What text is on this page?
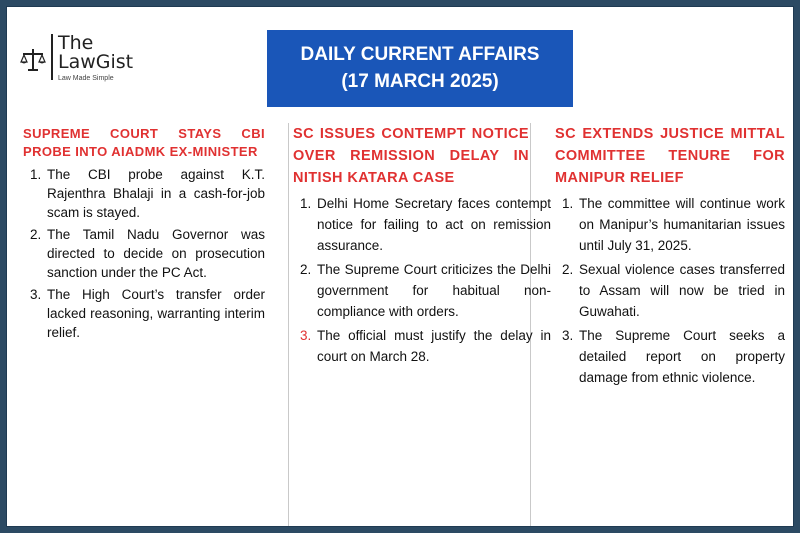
The
LawGist
Law Made Simple
DAILY CURRENT AFFAIRS
(17 MARCH 2025)

SUPREME COURT STAYS CBI PROBE INTO AIADMK EX-MINISTER

1. The CBI probe against K.T. Rajenthra Bhalaji in a cash-for-job scam is stayed.
2. The Tamil Nadu Governor was directed to decide on prosecution sanction under the PC Act.
3. The High Court’s transfer order lacked reasoning, warranting interim relief.

SC ISSUES CONTEMPT NOTICE OVER REMISSION DELAY IN NITISH KATARA CASE

1. Delhi Home Secretary faces contempt notice for failing to act on remission assurance.
2. The Supreme Court criticizes the Delhi government for habitual non-compliance with orders.
3. The official must justify the delay in court on March 28.

SC EXTENDS JUSTICE MITTAL COMMITTEE TENURE FOR MANIPUR RELIEF

1. The committee will continue work on Manipur’s humanitarian issues until July 31, 2025.
2. Sexual violence cases transferred to Assam will now be tried in Guwahati.
3. The Supreme Court seeks a detailed report on property damage from ethnic violence.
